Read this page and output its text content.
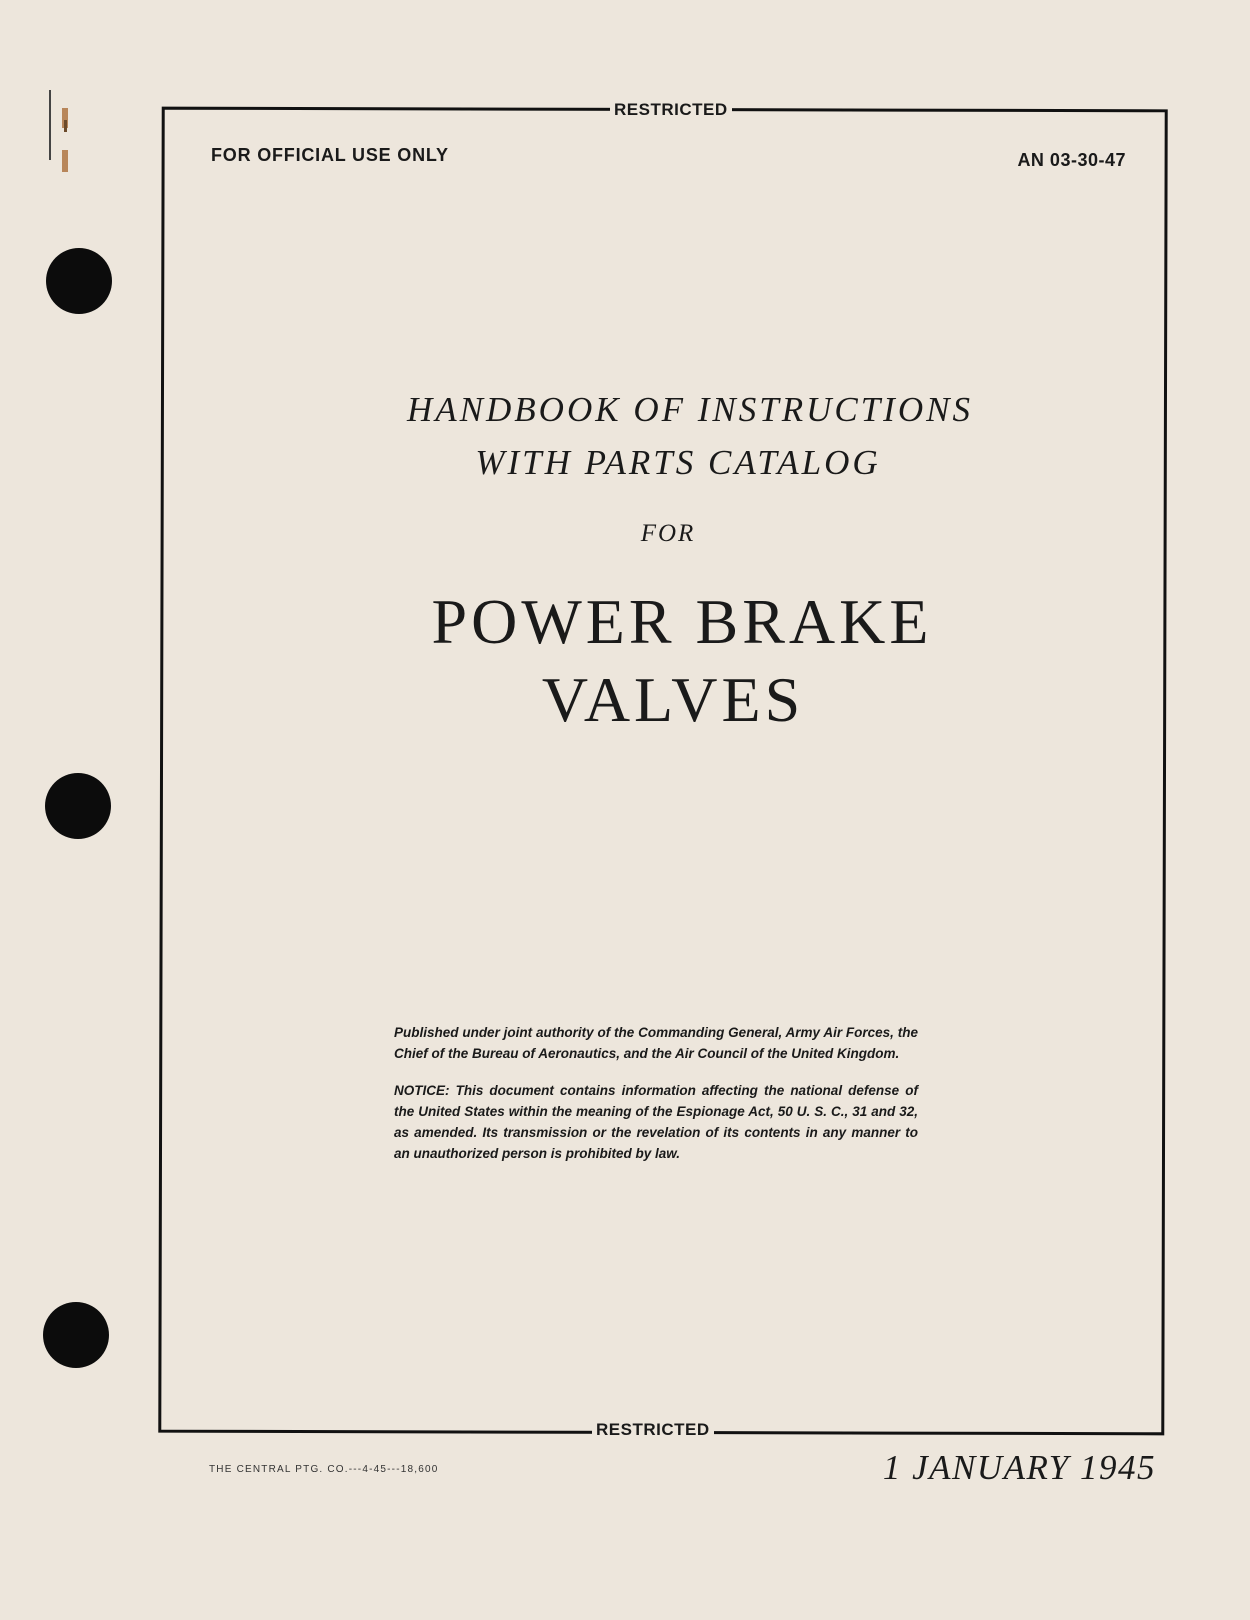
RESTRICTED
RESTRICTED
FOR OFFICIAL USE ONLY	AN 03-30-47
HANDBOOK OF INSTRUCTIONS
WITH PARTS CATALOG
FOR
POWER BRAKE
VALVES

Published under joint authority of the Commanding General, Army Air Forces, the Chief of the Bureau of Aeronautics, and the Air Council of the United Kingdom.

NOTICE: This document contains information affecting the national defense of the United States within the meaning of the Espionage Act, 50 U. S. C., 31 and 32, as amended. Its transmission or the revelation of its contents in any manner to an unauthorized person is prohibited by law.

THE CENTRAL PTG. CO.---4-45---18,600	1 JANUARY 1945
